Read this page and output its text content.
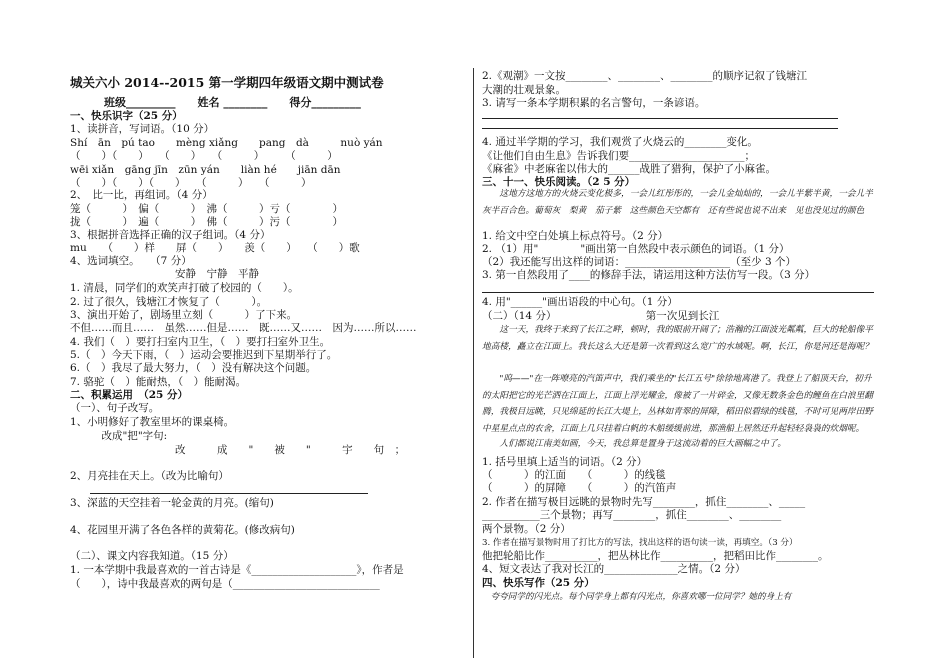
城关六小 2014--2015 第一学期四年级语文期中测试卷
班级_________　　姓名 ________　　得分_________
一、快乐识字（25 分）
1、读拼音，写词语。（10 分）
Shí　ān　pú tao　　mèng xiǎng　　pang　dà　　　nuò yán
（　　）（　　）　　（　　）　　（　　　）　　　（　　　）
wēi xiǎn　gāng jīn　zūn yán　　liàn hé　　jiān dān
（　　）（　　）（　　）　　（　　　）　　（　　　）
2、　比一比，再组词。（4 分）
笼（　　　）　偏（　　　）　沸（　　　）亏（　　　　）
拢（　　　）　遍（　　　）　佛（　　　）污（　　　　）
3、根据拼音选择正确的汉子组词。（4 分）
mu　　（　　）样　　屏（　　）　　羡（　　）　　（　　）歌
4、选词填空。　　（7 分）
　　　　　　　　　　安静　宁静　平静
1. 清晨，同学们的欢笑声打破了校园的（　　）。
2. 过了很久，钱塘江才恢复了（　　　）。
3、演出开始了，剧场里立刻（　　　）了下来。
不但……而且……　虽然……但是……　既……又……　因为……所以……
4. 我们（　）要打扫室内卫生，（　）要打扫室外卫生。
5.（　）今天下雨，（　）运动会要推迟到下星期举行了。
6.（　）我尽了最大努力，（　）没有解决这个问题。
7. 骆驼（　）能耐热，（　）能耐渴。
二、积累运用　（25 分）
（一）、句子改写。
1、小明修好了教室里坏的课桌椅。
　　　改成"把"字句:
　　　　　　　　　　改　　　成　　"　　被　　"　　　宇　　句　；
2、月亮挂在天上。（改为比喻句）
3、深蓝的天空挂着一轮金黄的月亮。(缩句)
4、花园里开满了各色各样的黄菊花。(修改病句)
（二）、课文内容我知道。（15 分）
1. 一本学期中我最喜欢的一首古诗是《____________________》，作者是
（　　），诗中我最喜欢的两句是（____________________________
2.《观潮》一文按________、________、________的顺序记叙了钱塘江
大潮的壮观景象。
3. 请写一条本学期积累的名言警句，一条谚语。
4. 通过半学期的学习，我们观赏了火烧云的________变化。
《让他们自由生息》告诉我们要______________________；
《麻雀》中老麻雀以伟大的______战胜了猎狗，保护了小麻雀。
三、十一、快乐阅读。（2 5 分）
　　这地方这地方的火烧云变化极多，一会儿红彤彤的，一会儿金灿灿的，一会儿半紫半黄，一会儿半灰半百合色。葡萄灰　梨黄　茄子紫　这些颜色天空都有　还有些说也说不出来　见也没见过的颜色
1. 给文中空白处填上标点符号。（2 分）
2. （1）用"　　　　"画出第一自然段中表示颜色的词语。（1 分）
（2）我还能写出这样的词语：____________________（至少 3 个）
3. 第一自然段用了____的修辞手法，请运用这种方法仿写一段。（3 分）
4. 用"______"画出语段的中心句。（1 分）
（二）（14 分）　　　　　　　　　第一次见到长江
　　这一天，我终于来到了长江之畔，顿时，我的眼前开阔了；浩瀚的江面波光粼粼，巨大的轮船像平地高楼，矗立在江面上。我长这么大还是第一次看到这么宽广的水域呢。啊，长江，你是河还是海呢？
　　"呜——"在一阵嘹亮的汽笛声中，我们乘坐的"长江五号"徐徐地离港了。我登上了船顶天台，初升的太阳把它的光芒洒在江面上，江面上浮光耀金，像被了一片碎金，又像无数条金色的鲤鱼在白浪里翻腾，我极目远眺，只见绵延的长江大堤上，丛林如青翠的屏障，稻田似碧绿的线毯，不时可见两岸田野中星星点点的农舍，江面上几只挂着白帆的木船缓缓前进，那渔船上居然还升起轻轻袅袅的炊烟呢。
　　人们都说江南美如画，今天，我总算是置身于这流动着的巨大画幅之中了。
1. 括号里填上适当的词语。（2 分）
（　　　）的江面　　（　　　）的线毯
（　　　）的屏障　　（　　　）的汽笛声
2. 作者在描写极目远眺的景物时先写________，抓住________、_____
___________三个景物；再写________，抓住________、________
两个景物。（2 分）
3. 作者在描写景物时用了打比方的写法，找出这样的语句读一读，再填空。（3 分）
他把轮船比作__________，把丛林比作__________，把稻田比作________。
4、短文表达了我对长江的______________之情。（2 分）
四、快乐写作（25 分）
　夸夸同学的闪光点。每个同学身上都有闪光点，你喜欢哪一位同学？她的身上有
